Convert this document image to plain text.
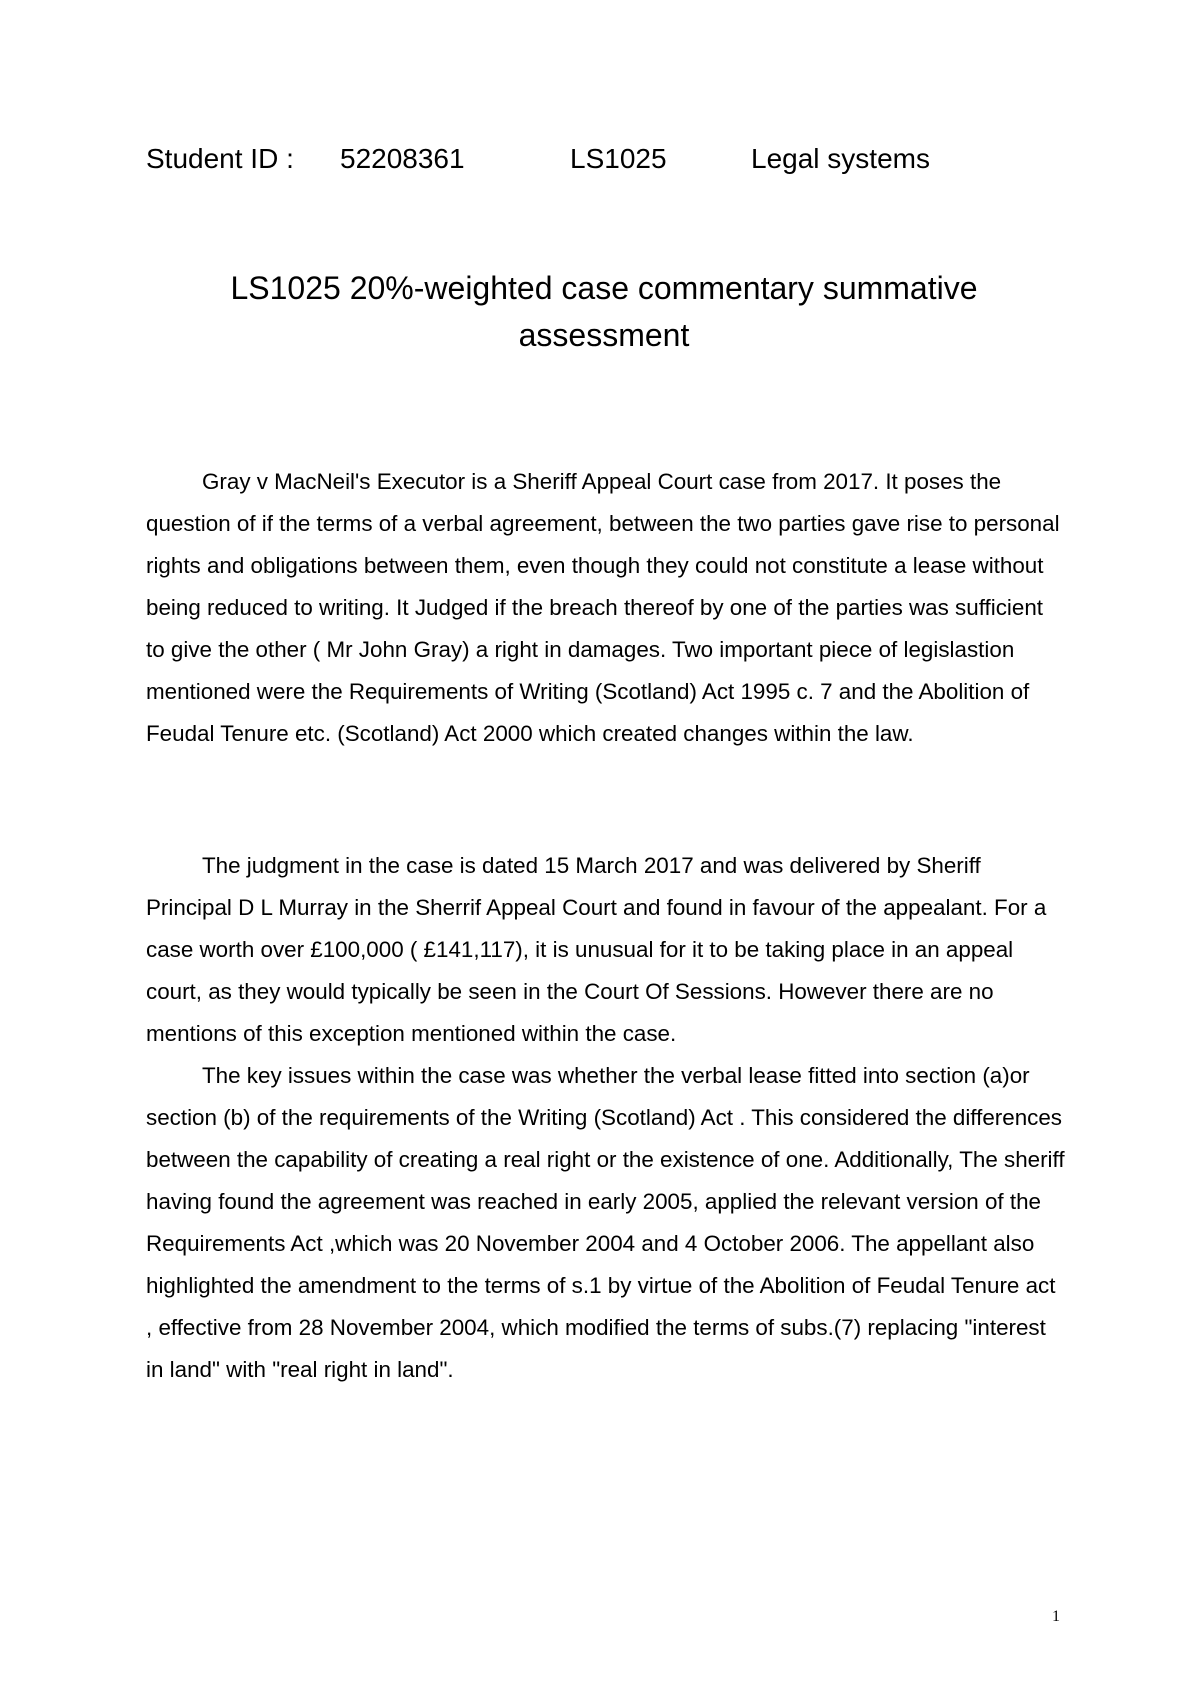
Student ID : 52208361	LS1025	Legal systems
LS1025 20%-weighted case commentary summative assessment

Gray v MacNeil's Executor is a Sheriff Appeal Court case from 2017. It poses the question of if the terms of a verbal agreement, between the two parties gave rise to personal rights and obligations between them, even though they could not constitute a lease without being reduced to writing. It Judged if the breach thereof by one of the parties was sufficient to give the other ( Mr John Gray) a right in damages. Two important piece of legislastion mentioned were the Requirements of Writing (Scotland) Act 1995 c. 7 and the Abolition of Feudal Tenure etc. (Scotland) Act 2000 which created changes within the law.

The judgment in the case is dated 15 March 2017 and was delivered by Sheriff Principal D L Murray in the Sherrif Appeal Court and found in favour of the appealant. For a case worth over £100,000 ( £141,117), it is unusual for it to be taking place in an appeal court, as they would typically be seen in the Court Of Sessions. However there are no mentions of this exception mentioned within the case.

The key issues within the case was whether the verbal lease fitted into section (a)or section (b) of the requirements of the Writing (Scotland) Act . This considered the differences between the capability of creating a real right or the existence of one. Additionally, The sheriff having found the agreement was reached in early 2005, applied the relevant version of the Requirements Act ,which was 20 November 2004 and 4 October 2006. The appellant also highlighted the amendment to the terms of s.1 by virtue of the Abolition of Feudal Tenure act , effective from 28 November 2004, which modified the terms of subs.(7) replacing "interest in land" with "real right in land".

1
